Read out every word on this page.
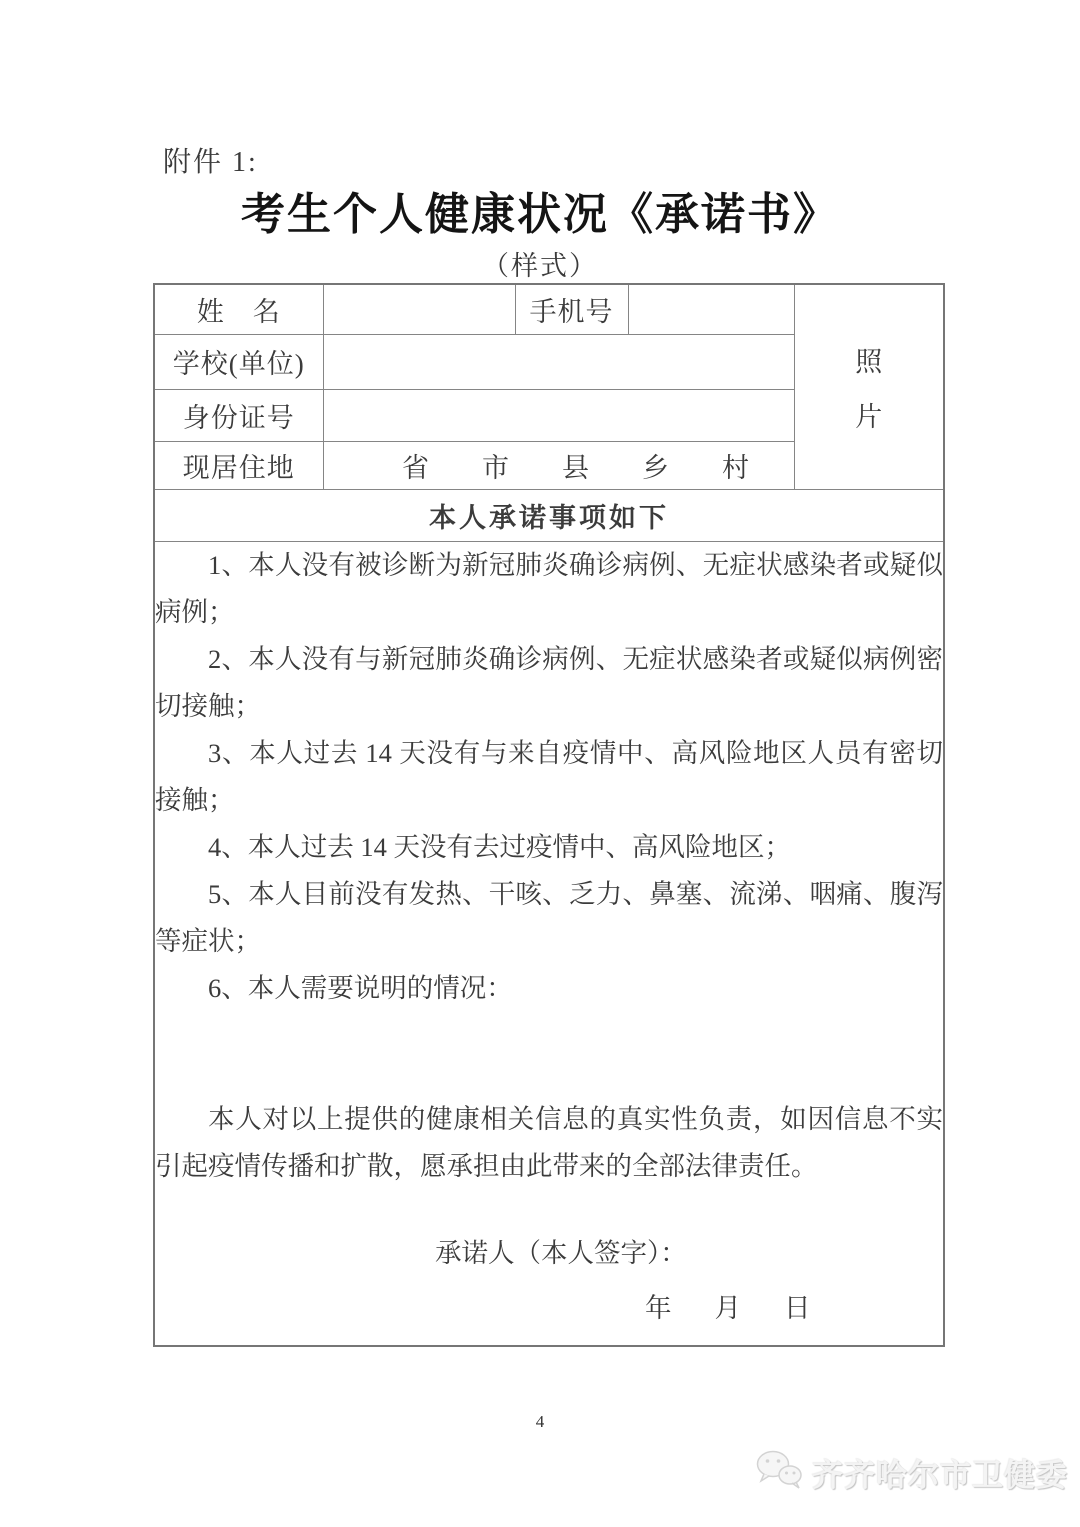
附件 1:
考生个人健康状况《承诺书》
（样式）
姓　名		手机号		照
片

学校(单位)				
身份证号				
现居住地	省 市 县 乡 村			

本人承诺事项如下				

1、本人没有被诊断为新冠肺炎确诊病例、无症状感染者或疑似病例；

2、本人没有与新冠肺炎确诊病例、无症状感染者或疑似病例密切接触；

3、本人过去 14 天没有与来自疫情中、高风险地区人员有密切接触；

4、本人过去 14 天没有去过疫情中、高风险地区；

5、本人目前没有发热、干咳、乏力、鼻塞、流涕、咽痛、腹泻等症状；

6、本人需要说明的情况：

本人对以上提供的健康相关信息的真实性负责，如因信息不实引起疫情传播和扩散，愿承担由此带来的全部法律责任。

承诺人（本人签字）：

年 月 日
4
齐齐哈尔市卫健委
